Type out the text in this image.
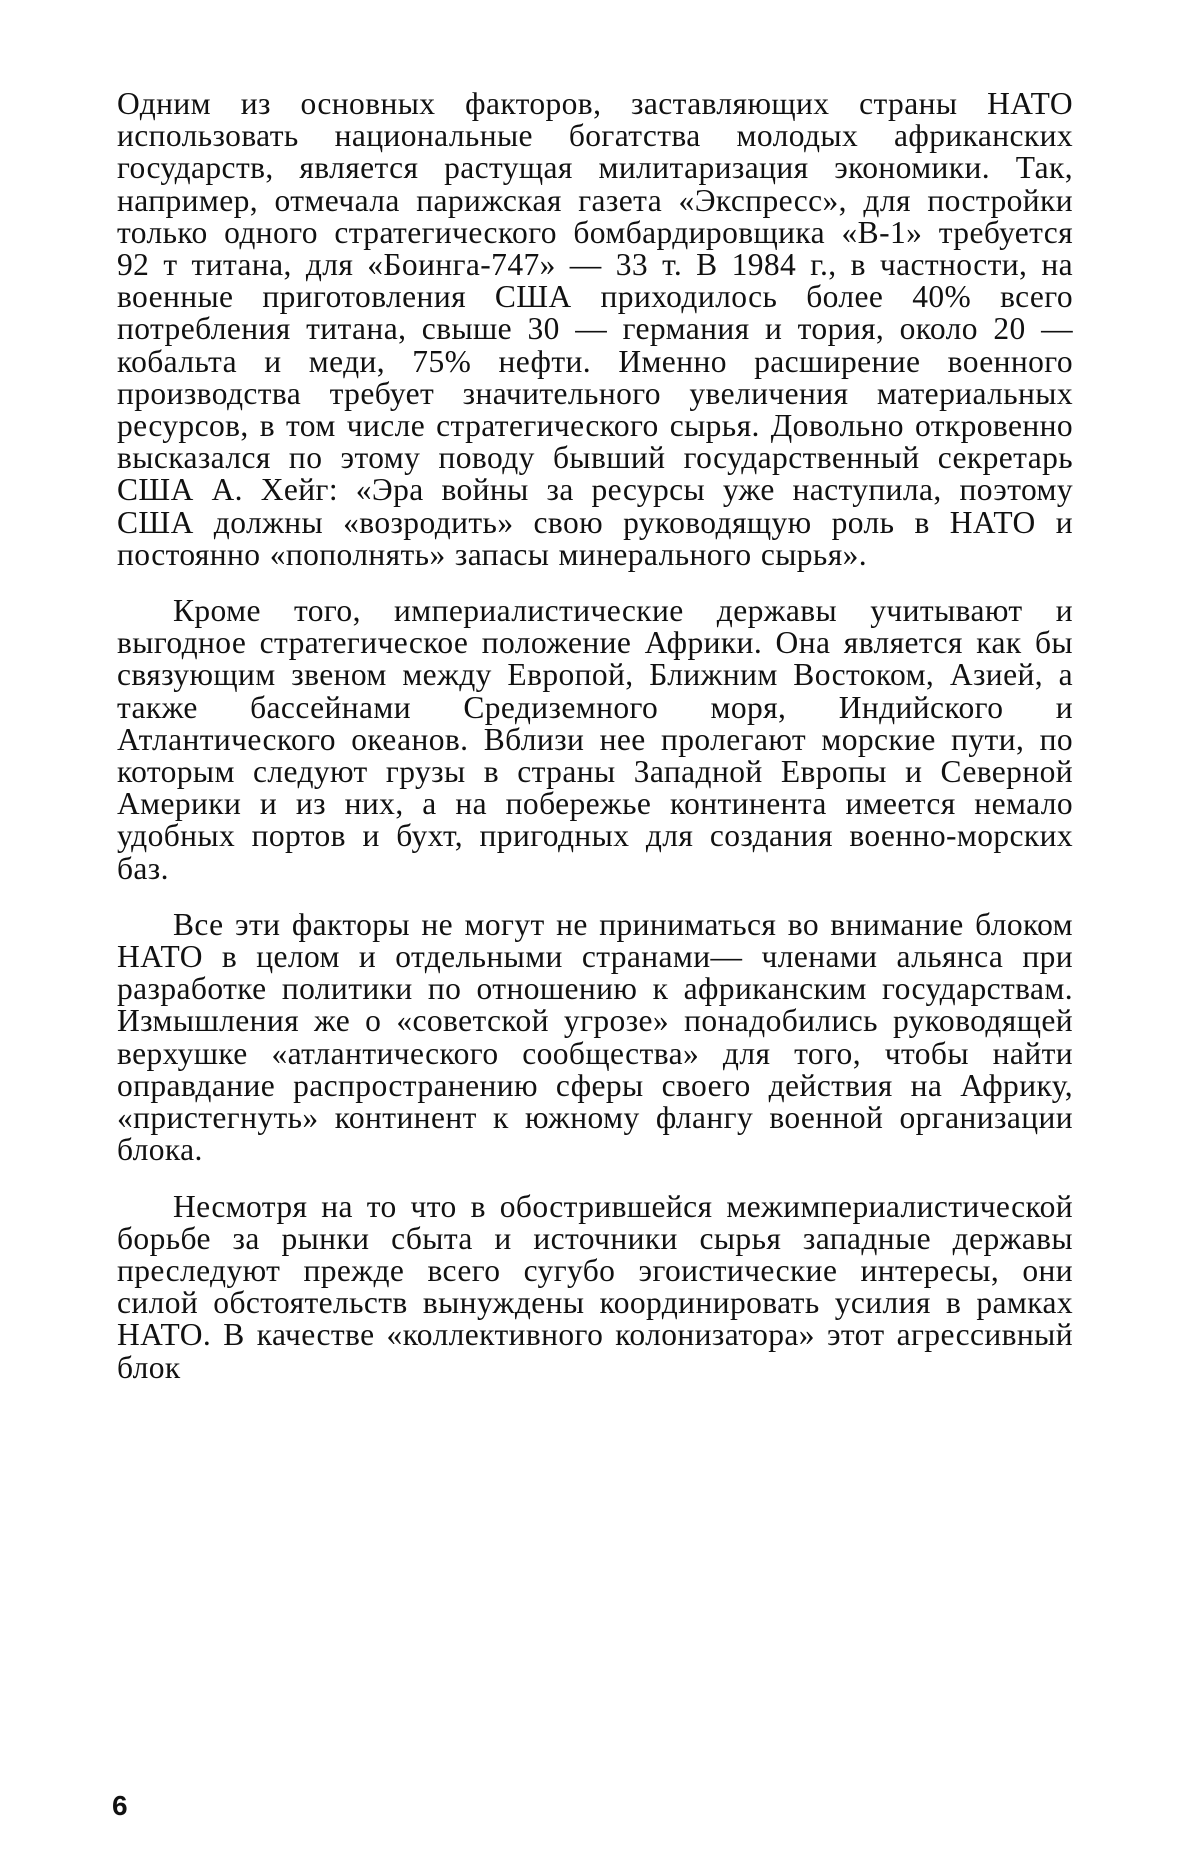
Одним из основных факторов, заставляющих страны НАТО использовать национальные богатства молодых африканских государств, является растущая милитаризация экономики. Так, например, отмечала парижская газета «Экспресс», для постройки только одного стратегического бомбардировщика «В-1» требуется 92 т титана, для «Боинга-747» — 33 т. В 1984 г., в частности, на военные приготовления США приходилось более 40% всего потребления титана, свыше 30 — германия и тория, около 20 — кобальта и меди, 75% нефти. Именно расширение военного производства требует значительного увеличения материальных ресурсов, в том числе стратегического сырья. Довольно откровенно высказался по этому поводу бывший государственный секретарь США А. Хейг: «Эра войны за ресурсы уже наступила, поэтому США должны «возродить» свою руководящую роль в НАТО и постоянно «пополнять» запасы минерального сырья».

Кроме того, империалистические державы учитывают и выгодное стратегическое положение Африки. Она является как бы связующим звеном между Европой, Ближним Востоком, Азией, а также бассейнами Средиземного моря, Индийского и Атлантического океанов. Вблизи нее пролегают морские пути, по которым следуют грузы в страны Западной Европы и Северной Америки и из них, а на побережье континента имеется немало удобных портов и бухт, пригодных для создания военно-морских баз.

Все эти факторы не могут не приниматься во внимание блоком НАТО в целом и отдельными странами— членами альянса при разработке политики по отношению к африканским государствам. Измышления же о «советской угрозе» понадобились руководящей верхушке «атлантического сообщества» для того, чтобы найти оправдание распространению сферы своего действия на Африку, «пристегнуть» континент к южному флангу военной организации блока.

Несмотря на то что в обострившейся межимпериалистической борьбе за рынки сбыта и источники сырья западные державы преследуют прежде всего сугубо эгоистические интересы, они силой обстоятельств вынуждены координировать усилия в рамках НАТО. В качестве «коллективного колонизатора» этот агрессивный блок

6
